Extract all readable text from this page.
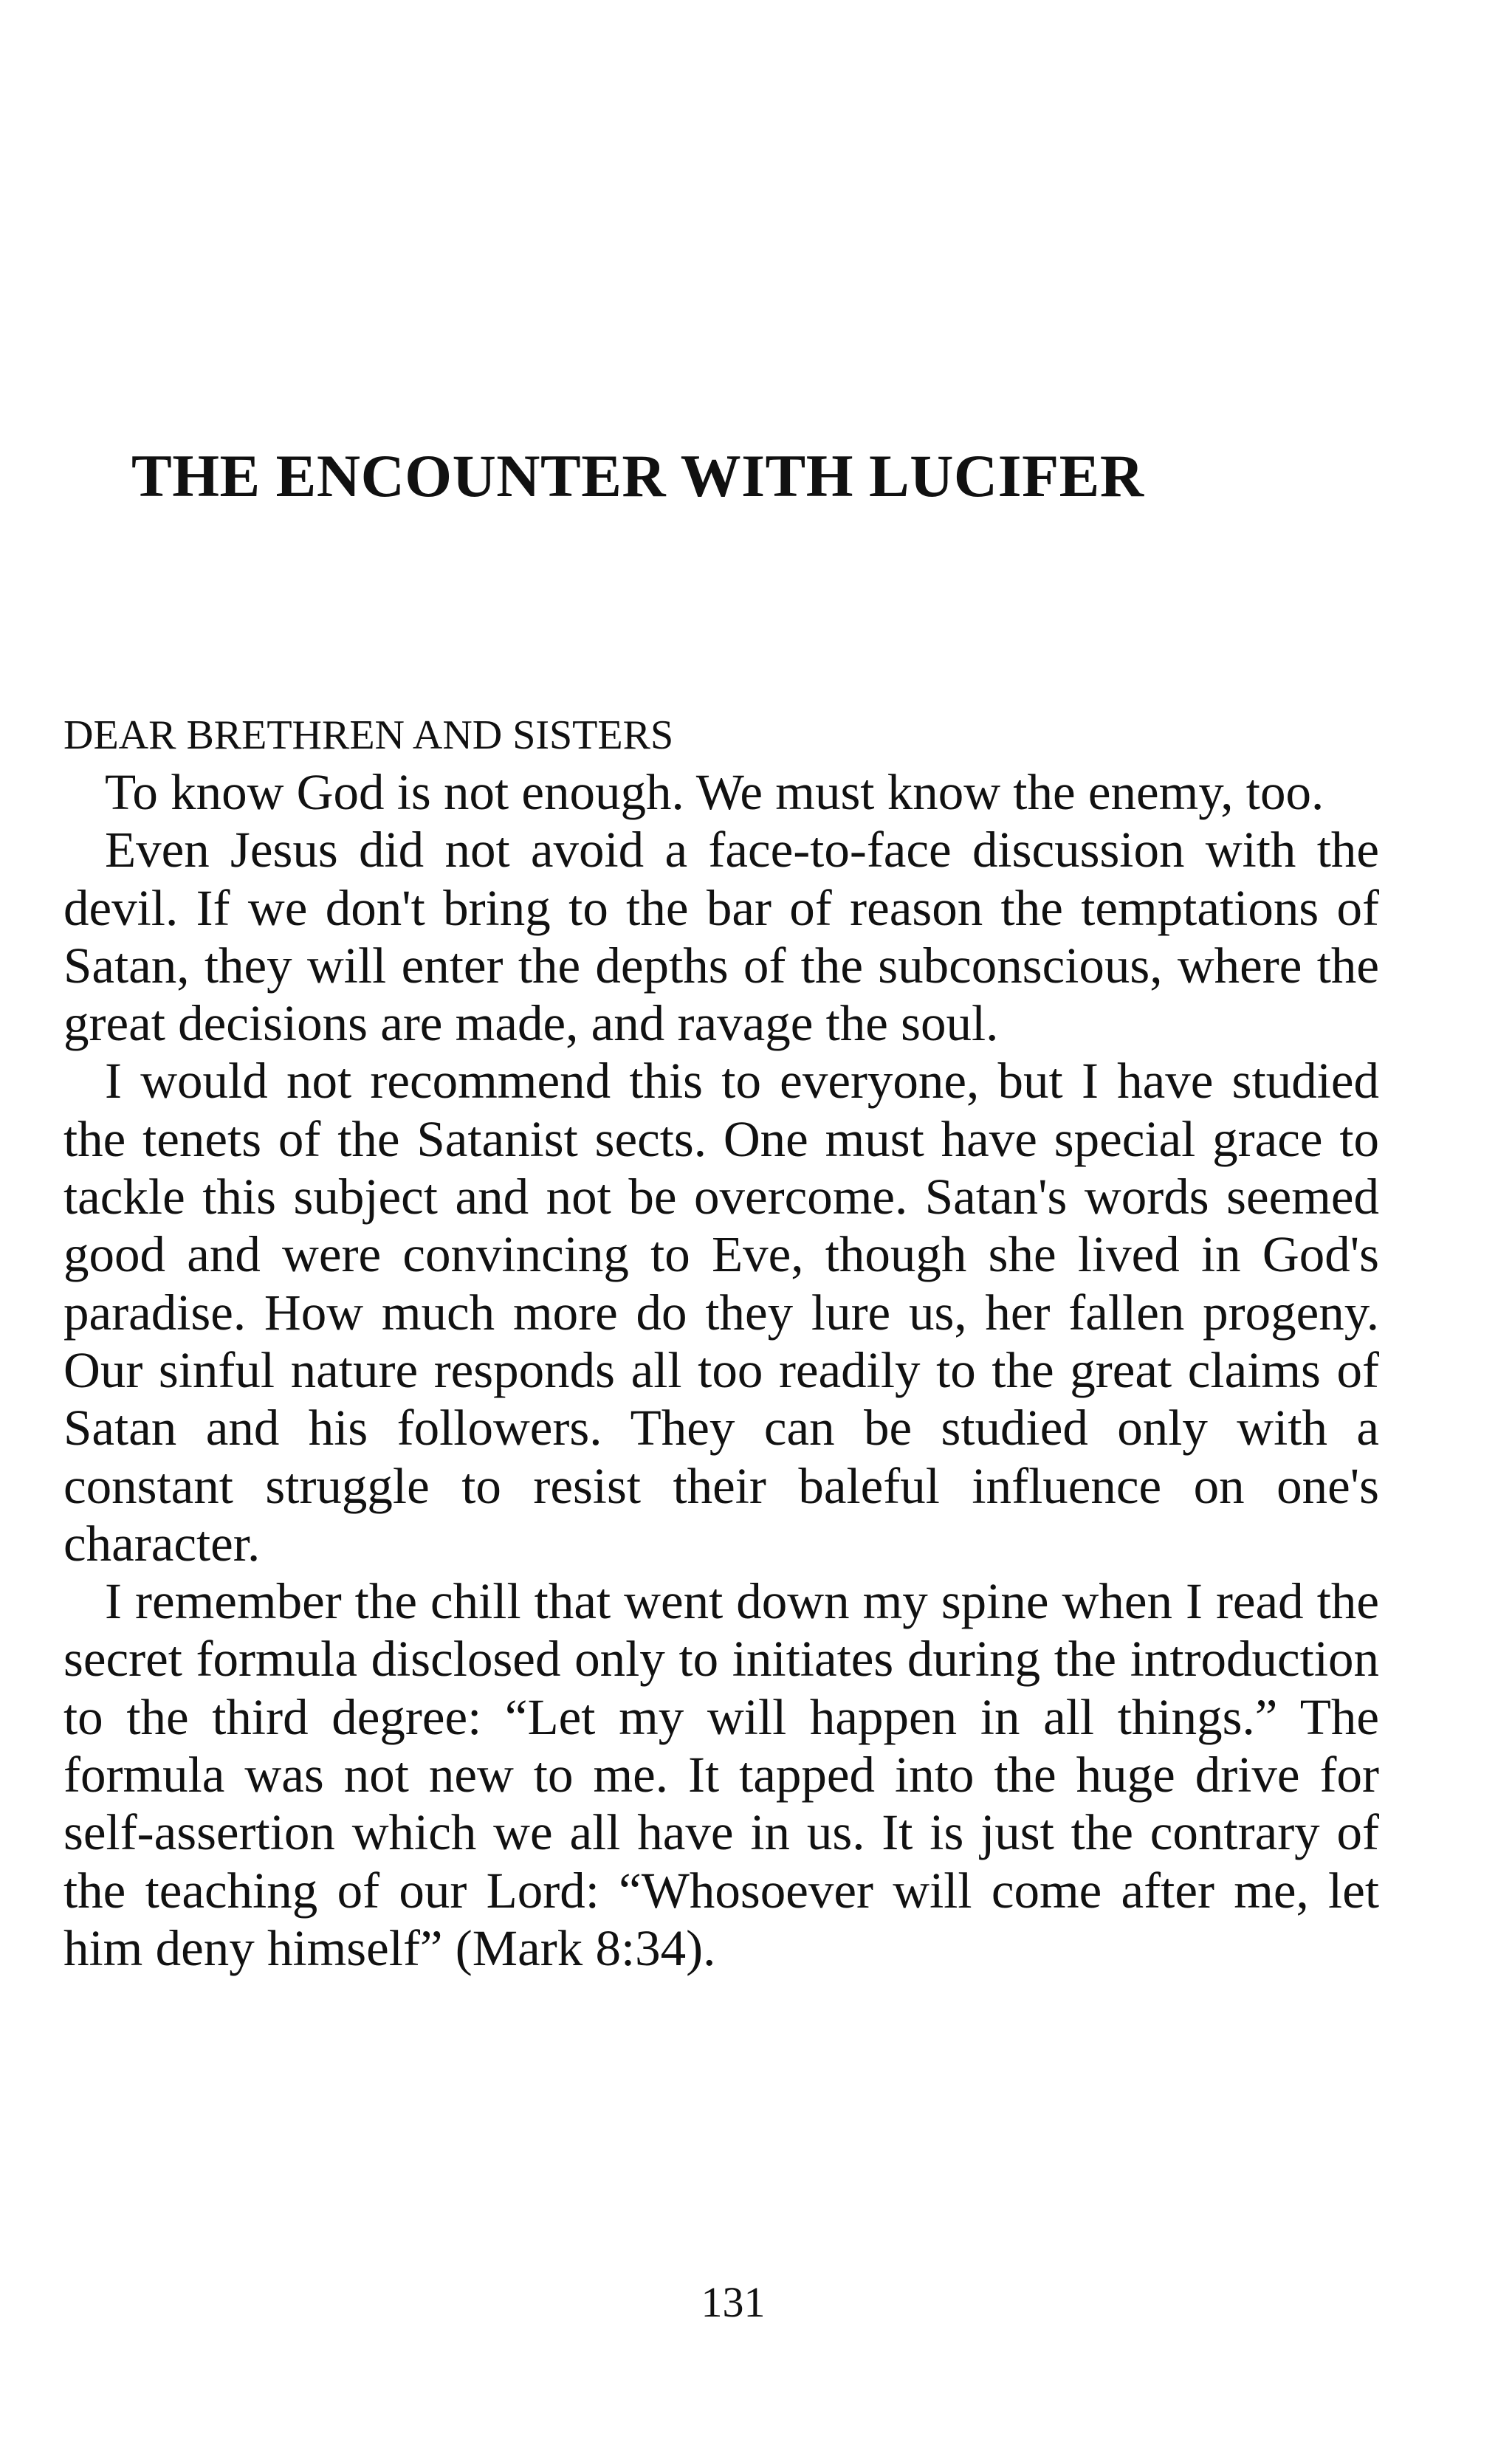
THE ENCOUNTER WITH LUCIFER

DEAR BRETHREN AND SISTERS

To know God is not enough. We must know the enemy, too.

Even Jesus did not avoid a face-to-face discussion with the devil. If we don't bring to the bar of reason the temptations of Satan, they will enter the depths of the subconscious, where the great decisions are made, and ravage the soul.

I would not recommend this to everyone, but I have studied the tenets of the Satanist sects. One must have special grace to tackle this subject and not be overcome. Satan's words seemed good and were convincing to Eve, though she lived in God's paradise. How much more do they lure us, her fallen progeny. Our sinful nature responds all too readily to the great claims of Satan and his followers. They can be studied only with a constant struggle to resist their baleful influence on one's character.

I remember the chill that went down my spine when I read the secret formula disclosed only to initiates during the introduction to the third degree: “Let my will happen in all things.” The formula was not new to me. It tapped into the huge drive for self-assertion which we all have in us. It is just the contrary of the teaching of our Lord: “Whosoever will come after me, let him deny himself” (Mark 8:34).

131
